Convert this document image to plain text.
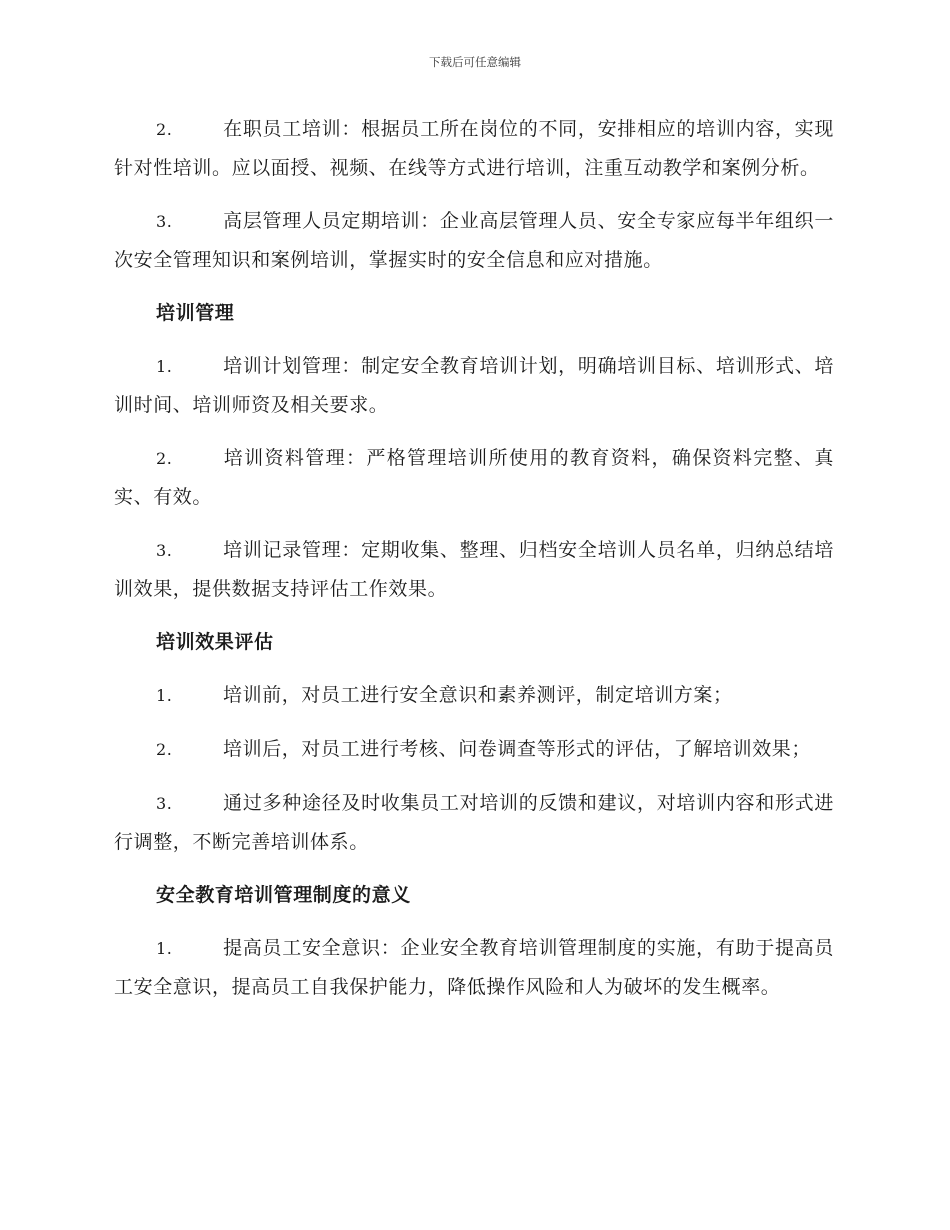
下载后可任意编辑

2.	在职员工培训：根据员工所在岗位的不同，安排相应的培训内容，实现针对性培训。应以面授、视频、在线等方式进行培训，注重互动教学和案例分析。

3.	高层管理人员定期培训：企业高层管理人员、安全专家应每半年组织一次安全管理知识和案例培训，掌握实时的安全信息和应对措施。

培训管理

1.	培训计划管理：制定安全教育培训计划，明确培训目标、培训形式、培训时间、培训师资及相关要求。

2.	培训资料管理：严格管理培训所使用的教育资料，确保资料完整、真实、有效。

3.	培训记录管理：定期收集、整理、归档安全培训人员名单，归纳总结培训效果，提供数据支持评估工作效果。

培训效果评估

1.	培训前，对员工进行安全意识和素养测评，制定培训方案；

2.	培训后，对员工进行考核、问卷调查等形式的评估，了解培训效果；

3.	通过多种途径及时收集员工对培训的反馈和建议，对培训内容和形式进行调整，不断完善培训体系。

安全教育培训管理制度的意义

1.	提高员工安全意识：企业安全教育培训管理制度的实施，有助于提高员工安全意识，提高员工自我保护能力，降低操作风险和人为破坏的发生概率。
